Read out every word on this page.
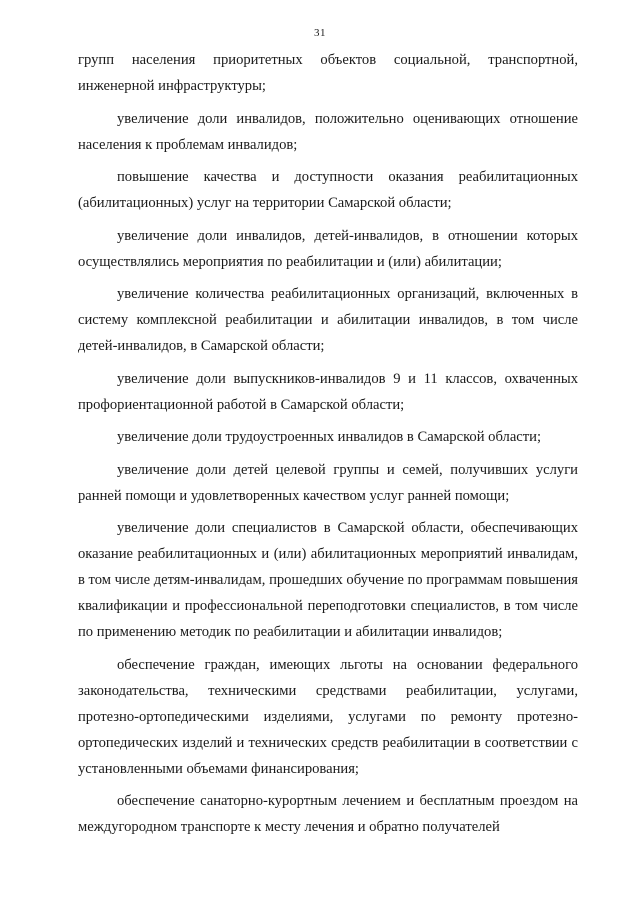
31

групп населения приоритетных объектов социальной, транспортной, инженерной инфраструктуры;

увеличение доли инвалидов, положительно оценивающих отношение населения к проблемам инвалидов;

повышение качества и доступности оказания реабилитационных (абилитационных) услуг на территории Самарской области;

увеличение доли инвалидов, детей-инвалидов, в отношении которых осуществлялись мероприятия по реабилитации и (или) абилитации;

увеличение количества реабилитационных организаций, включенных в систему комплексной реабилитации и абилитации инвалидов, в том числе детей-инвалидов, в Самарской области;

увеличение доли выпускников-инвалидов 9 и 11 классов, охваченных профориентационной работой в Самарской области;

увеличение доли трудоустроенных инвалидов в Самарской области;

увеличение доли детей целевой группы и семей, получивших услуги ранней помощи и удовлетворенных качеством услуг ранней помощи;

увеличение доли специалистов в Самарской области, обеспечивающих оказание реабилитационных и (или) абилитационных мероприятий инвалидам, в том числе детям-инвалидам, прошедших обучение по программам повышения квалификации и профессиональной переподготовки специалистов, в том числе по применению методик по реабилитации и абилитации инвалидов;

обеспечение граждан, имеющих льготы на основании федерального законодательства, техническими средствами реабилитации, услугами, протезно-ортопедическими изделиями, услугами по ремонту протезно-ортопедических изделий и технических средств реабилитации в соответствии с установленными объемами финансирования;

обеспечение санаторно-курортным лечением и бесплатным проездом на междугородном транспорте к месту лечения и обратно получателей
